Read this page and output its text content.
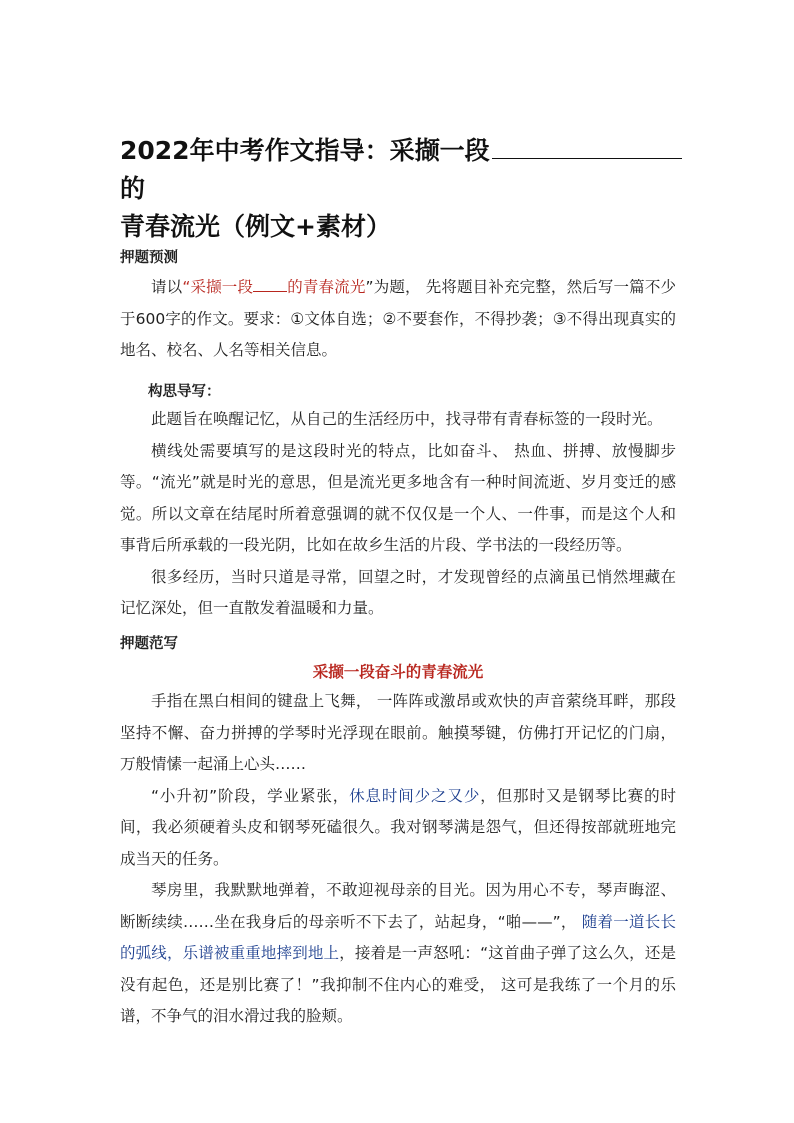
2022年中考作文指导：采撷一段的
青春流光（例文+素材）
押题预测

请以“采撷一段 的青春流光”为题， 先将题目补充完整，然后写一篇不少于600字的作文。要求：①文体自选；②不要套作，不得抄袭；③不得出现真实的地名、校名、人名等相关信息。

构思导写：

此题旨在唤醒记忆，从自己的生活经历中，找寻带有青春标签的一段时光。

横线处需要填写的是这段时光的特点，比如奋斗、 热血、拼搏、放慢脚步等。“流光”就是时光的意思，但是流光更多地含有一种时间流逝、岁月变迁的感觉。所以文章在结尾时所着意强调的就不仅仅是一个人、一件事，而是这个人和事背后所承载的一段光阴，比如在故乡生活的片段、学书法的一段经历等。

很多经历，当时只道是寻常，回望之时，才发现曾经的点滴虽已悄然埋藏在记忆深处，但一直散发着温暖和力量。

押题范写
采撷一段奋斗的青春流光

手指在黑白相间的键盘上飞舞， 一阵阵或激昂或欢快的声音萦绕耳畔，那段坚持不懈、奋力拼搏的学琴时光浮现在眼前。触摸琴键，仿佛打开记忆的门扇，万般情愫一起涌上心头……

“小升初”阶段，学业紧张，休息时间少之又少，但那时又是钢琴比赛的时间，我必须硬着头皮和钢琴死磕很久。我对钢琴满是怨气，但还得按部就班地完成当天的任务。

琴房里，我默默地弹着，不敢迎视母亲的目光。因为用心不专，琴声晦涩、断断续续……坐在我身后的母亲听不下去了，站起身，“啪——”， 随着一道长长的弧线，乐谱被重重地摔到地上，接着是一声怒吼：“这首曲子弹了这么久，还是没有起色，还是别比赛了！”我抑制不住内心的难受， 这可是我练了一个月的乐谱，不争气的泪水滑过我的脸颊。
